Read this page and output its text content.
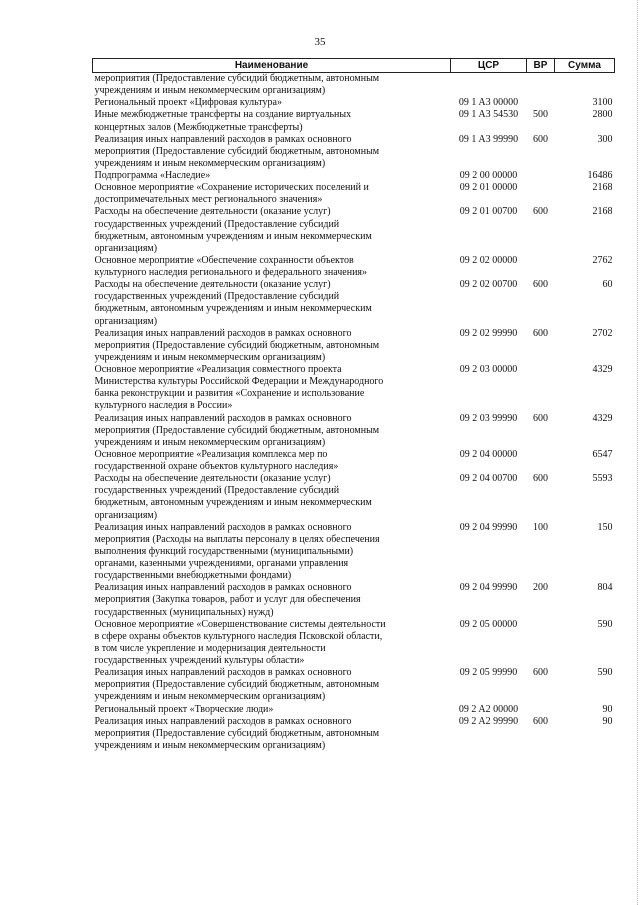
35
Наименование	ЦСР	ВР	Сумма

мероприятия (Предоставление субсидий бюджетным, автономным
учреждениям и иным некоммерческим организациям)			

Региональный проект «Цифровая культура»	09 1 A3 00000		3100

Иные межбюджетные трансферты на создание виртуальных
концертных залов (Межбюджетные трансферты)	09 1 A3 54530	500	2800

Реализация иных направлений расходов в рамках основного
мероприятия (Предоставление субсидий бюджетным, автономным
учреждениям и иным некоммерческим организациям)	09 1 A3 99990	600	300

Подпрограмма «Наследие»	09 2 00 00000		16486

Основное мероприятие «Сохранение исторических поселений и
достопримечательных мест регионального значения»	09 2 01 00000		2168

Расходы на обеспечение деятельности (оказание услуг)
государственных учреждений (Предоставление субсидий
бюджетным, автономным учреждениям и иным некоммерческим
организациям)	09 2 01 00700	600	2168

Основное мероприятие «Обеспечение сохранности объектов
культурного наследия регионального и федерального значения»	09 2 02 00000		2762

Расходы на обеспечение деятельности (оказание услуг)
государственных учреждений (Предоставление субсидий
бюджетным, автономным учреждениям и иным некоммерческим
организациям)	09 2 02 00700	600	60

Реализация иных направлений расходов в рамках основного
мероприятия (Предоставление субсидий бюджетным, автономным
учреждениям и иным некоммерческим организациям)	09 2 02 99990	600	2702

Основное мероприятие «Реализация совместного проекта
Министерства культуры Российской Федерации и Международного
банка реконструкции и развития «Сохранение и использование
культурного наследия в России»	09 2 03 00000		4329

Реализация иных направлений расходов в рамках основного
мероприятия (Предоставление субсидий бюджетным, автономным
учреждениям и иным некоммерческим организациям)	09 2 03 99990	600	4329

Основное мероприятие «Реализация комплекса мер по
государственной охране объектов культурного наследия»	09 2 04 00000		6547

Расходы на обеспечение деятельности (оказание услуг)
государственных учреждений (Предоставление субсидий
бюджетным, автономным учреждениям и иным некоммерческим
организациям)	09 2 04 00700	600	5593

Реализация иных направлений расходов в рамках основного
мероприятия (Расходы на выплаты персоналу в целях обеспечения
выполнения функций государственными (муниципальными)
органами, казенными учреждениями, органами управления
государственными внебюджетными фондами)	09 2 04 99990	100	150

Реализация иных направлений расходов в рамках основного
мероприятия (Закупка товаров, работ и услуг для обеспечения
государственных (муниципальных) нужд)	09 2 04 99990	200	804

Основное мероприятие «Совершенствование системы деятельности
в сфере охраны объектов культурного наследия Псковской области,
в том числе укрепление и модернизация деятельности
государственных учреждений культуры области»	09 2 05 00000		590

Реализация иных направлений расходов в рамках основного
мероприятия (Предоставление субсидий бюджетным, автономным
учреждениям и иным некоммерческим организациям)	09 2 05 99990	600	590

Региональный проект «Творческие люди»	09 2 A2 00000		90

Реализация иных направлений расходов в рамках основного
мероприятия (Предоставление субсидий бюджетным, автономным
учреждениям и иным некоммерческим организациям)	09 2 A2 99990	600	90
